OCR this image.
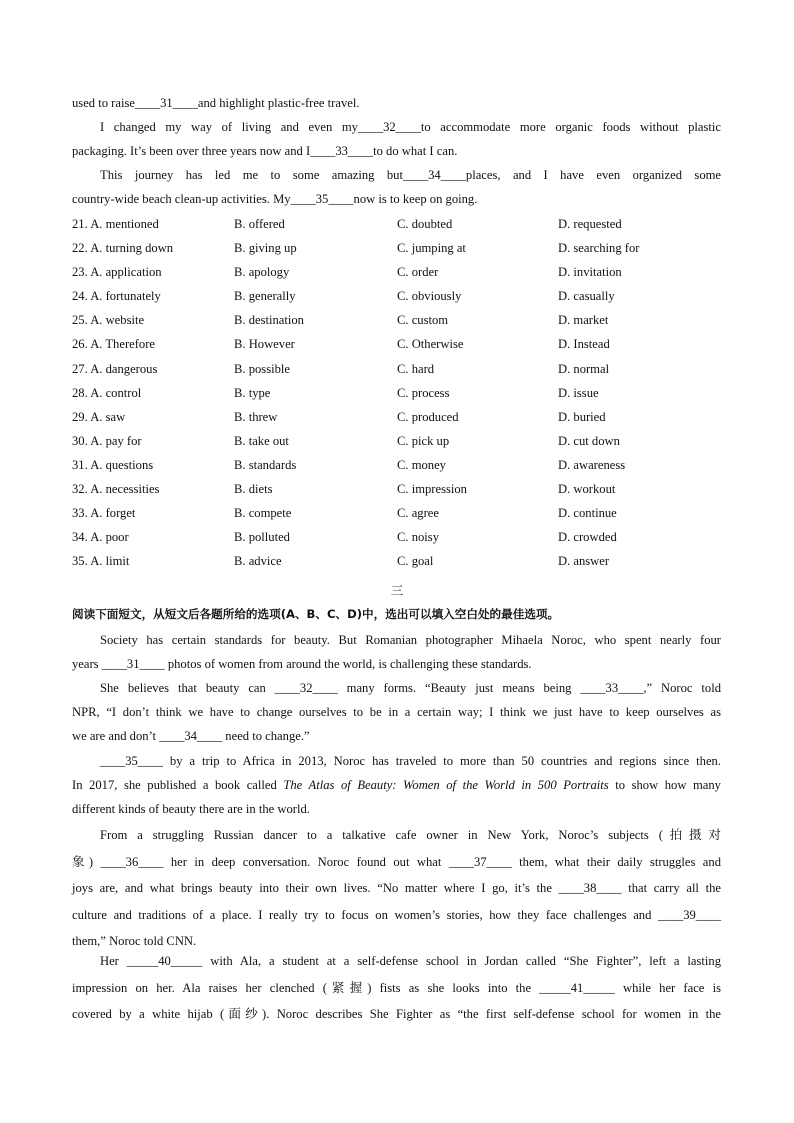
used to raise____31____and highlight plastic-free travel.
I changed my way of living and even my____32____to accommodate more organic foods without plastic
packaging. It’s been over three years now and I____33____to do what I can.
This journey has led me to some amazing but____34____places, and I have even organized some
country-wide beach clean-up activities. My____35____now is to keep on going.
21. A. mentioned	B. offered	C. doubted	D. requested
22. A. turning down	B. giving up	C. jumping at	D. searching for
23. A. application	B. apology	C. order	D. invitation
24. A. fortunately	B. generally	C. obviously	D. casually
25. A. website	B. destination	C. custom	D. market
26. A. Therefore	B. However	C. Otherwise	D. Instead
27. A. dangerous	B. possible	C. hard	D. normal
28. A. control	B. type	C. process	D. issue
29. A. saw	B. threw	C. produced	D. buried
30. A. pay for	B. take out	C. pick up	D. cut down
31. A. questions	B. standards	C. money	D. awareness
32. A. necessities	B. diets	C. impression	D. workout
33. A. forget	B. compete	C. agree	D. continue
34. A. poor	B. polluted	C. noisy	D. crowded
35. A. limit	B. advice	C. goal	D. answer
三
阅读下面短文，从短文后各题所给的选项(A、B、C、D)中，选出可以填入空白处的最佳选项。
Society has certain standards for beauty. But Romanian photographer Mihaela Noroc, who spent nearly four
years ____31____ photos of women from around the world, is challenging these standards.
She believes that beauty can ____32____ many forms. “Beauty just means being ____33____,” Noroc told
NPR, “I don’t think we have to change ourselves to be in a certain way; I think we just have to keep ourselves as
we are and don’t ____34____ need to change.”
____35____ by a trip to Africa in 2013, Noroc has traveled to more than 50 countries and regions since then.
In 2017, she published a book called The Atlas of Beauty: Women of the World in 500 Portraits to show how many
different kinds of beauty there are in the world.
From a struggling Russian dancer to a talkative cafe owner in New York, Noroc’s subjects (拍摄对
象) ____36____ her in deep conversation. Noroc found out what ____37____ them, what their daily struggles and
joys are, and what brings beauty into their own lives. “No matter where I go, it’s the ____38____ that carry all the
culture and traditions of a place. I really try to focus on women’s stories, how they face challenges and ____39____
them,” Noroc told CNN.
Her _____40_____ with Ala, a student at a self-defense school in Jordan called “She Fighter”, left a lasting
impression on her. Ala raises her clenched (紧握) fists as she looks into the _____41_____ while her face is
covered by a white hijab (面纱). Noroc describes She Fighter as “the first self-defense school for women in the
